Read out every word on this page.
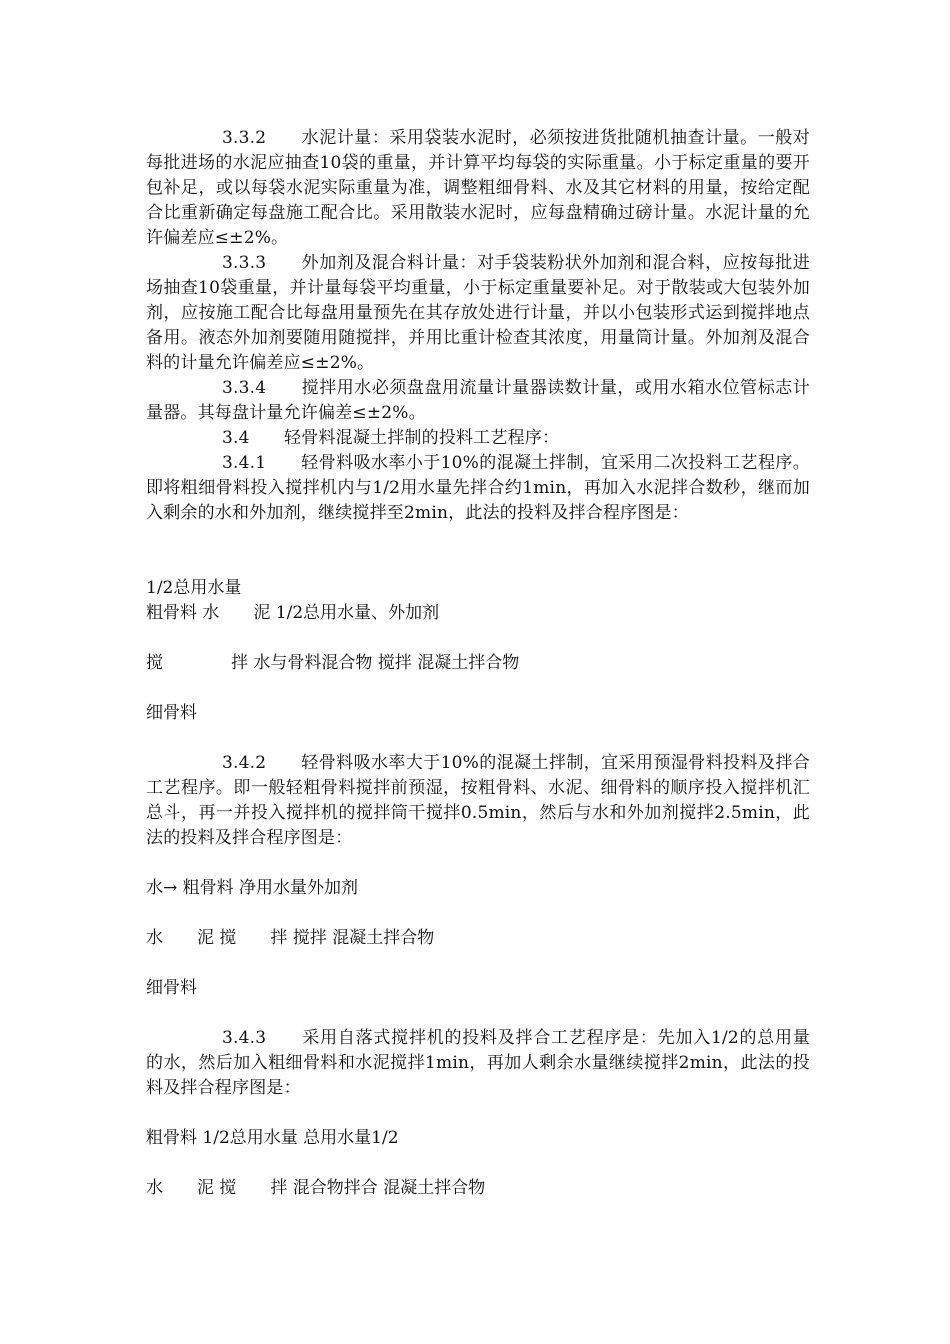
3.3.2　　水泥计量：采用袋装水泥时，必须按进货批随机抽查计量。一般对每批进场的水泥应抽查10袋的重量，并计算平均每袋的实际重量。小于标定重量的要开包补足，或以每袋水泥实际重量为准，调整粗细骨料、水及其它材料的用量，按给定配合比重新确定每盘施工配合比。采用散装水泥时，应每盘精确过磅计量。水泥计量的允许偏差应≤±2%。

3.3.3　　外加剂及混合料计量：对手袋装粉状外加剂和混合料，应按每批进场抽查10袋重量，并计量每袋平均重量，小于标定重量要补足。对于散装或大包装外加剂，应按施工配合比每盘用量预先在其存放处进行计量，并以小包装形式运到搅拌地点备用。液态外加剂要随用随搅拌，并用比重计检查其浓度，用量筒计量。外加剂及混合料的计量允许偏差应≤±2%。

3.3.4　　搅拌用水必须盘盘用流量计量器读数计量，或用水箱水位管标志计量器。其每盘计量允许偏差≤±2%。

3.4　　轻骨料混凝土拌制的投料工艺程序：

3.4.1　　轻骨料吸水率小于10%的混凝土拌制，宜采用二次投料工艺程序。即将粗细骨料投入搅拌机内与1/2用水量先拌合约1min，再加入水泥拌合数秒，继而加入剩余的水和外加剂，继续搅拌至2min，此法的投料及拌合程序图是：

1/2总用水量

粗骨料 水　　泥 1/2总用水量、外加剂

搅　　　　拌 水与骨料混合物 搅拌 混凝土拌合物

细骨料

3.4.2　　轻骨料吸水率大于10%的混凝土拌制，宜采用预湿骨料投料及拌合工艺程序。即一般轻粗骨料搅拌前预湿，按粗骨料、水泥、细骨料的顺序投入搅拌机汇总斗，再一并投入搅拌机的搅拌筒干搅拌0.5min，然后与水和外加剂搅拌2.5min，此法的投料及拌合程序图是：

水→ 粗骨料 净用水量外加剂

水　　泥 搅　　拌 搅拌 混凝土拌合物

细骨料

3.4.3　　采用自落式搅拌机的投料及拌合工艺程序是：先加入1/2的总用量的水，然后加入粗细骨料和水泥搅拌1min，再加人剩余水量继续搅拌2min，此法的投料及拌合程序图是：

粗骨料 1/2总用水量 总用水量1/2

水　　泥 搅　　拌 混合物拌合 混凝土拌合物
